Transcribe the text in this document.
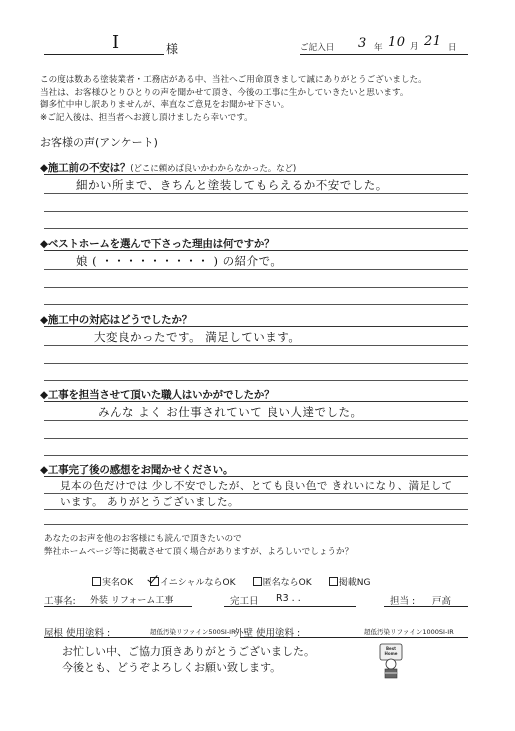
I	様	ご記入日 3 年 10 月 21 日
この度は数ある塗装業者・工務店がある中、当社へご用命頂きまして誠にありがとうございました。
当社は、お客様ひとりひとりの声を聞かせて頂き、今後の工事に生かしていきたいと思います。
御多忙中申し訳ありませんが、率直なご意見をお聞かせ下さい。
※ご記入後は、担当者へお渡し頂けましたら幸いです。
お客様の声(アンケート)
◆施工前の不安は？(どこに頼めば良いかわからなかった。など)
細かい所まで、きちんと塗装してもらえるか不安でした。
◆ベストホームを選んで下さった理由は何ですか？
娘 ( ・・・・・・・・・ ) の紹介で。
◆施工中の対応はどうでしたか？
大変良かったです。 満足しています。
◆工事を担当させて頂いた職人はいかがでしたか？
みんな よく お仕事されていて 良い人達でした。
◆工事完了後の感想をお聞かせください。
見本の色だけでは 少し不安でしたが、とても良い色で きれいになり、満足して
います。 ありがとうございました。
あなたのお声を他のお客様にも読んで頂きたいので
弊社ホームページ等に掲載させて頂く場合がありますが、よろしいでしょうか？
実名OK	イニシャルならOK	匿名ならOK	掲載NG
工事名: 外装 リフォーム工事	完工日 R3 . .	担当 : 戸高
屋根 使用塗料 :	超低汚染リファイン500SI-IR
外壁 使用塗料 :	超低汚染リファイン1000SI-IR
お忙しい中、ご協力頂きありがとうございました。
今後とも、どうぞよろしくお願い致します。
Best
Home
